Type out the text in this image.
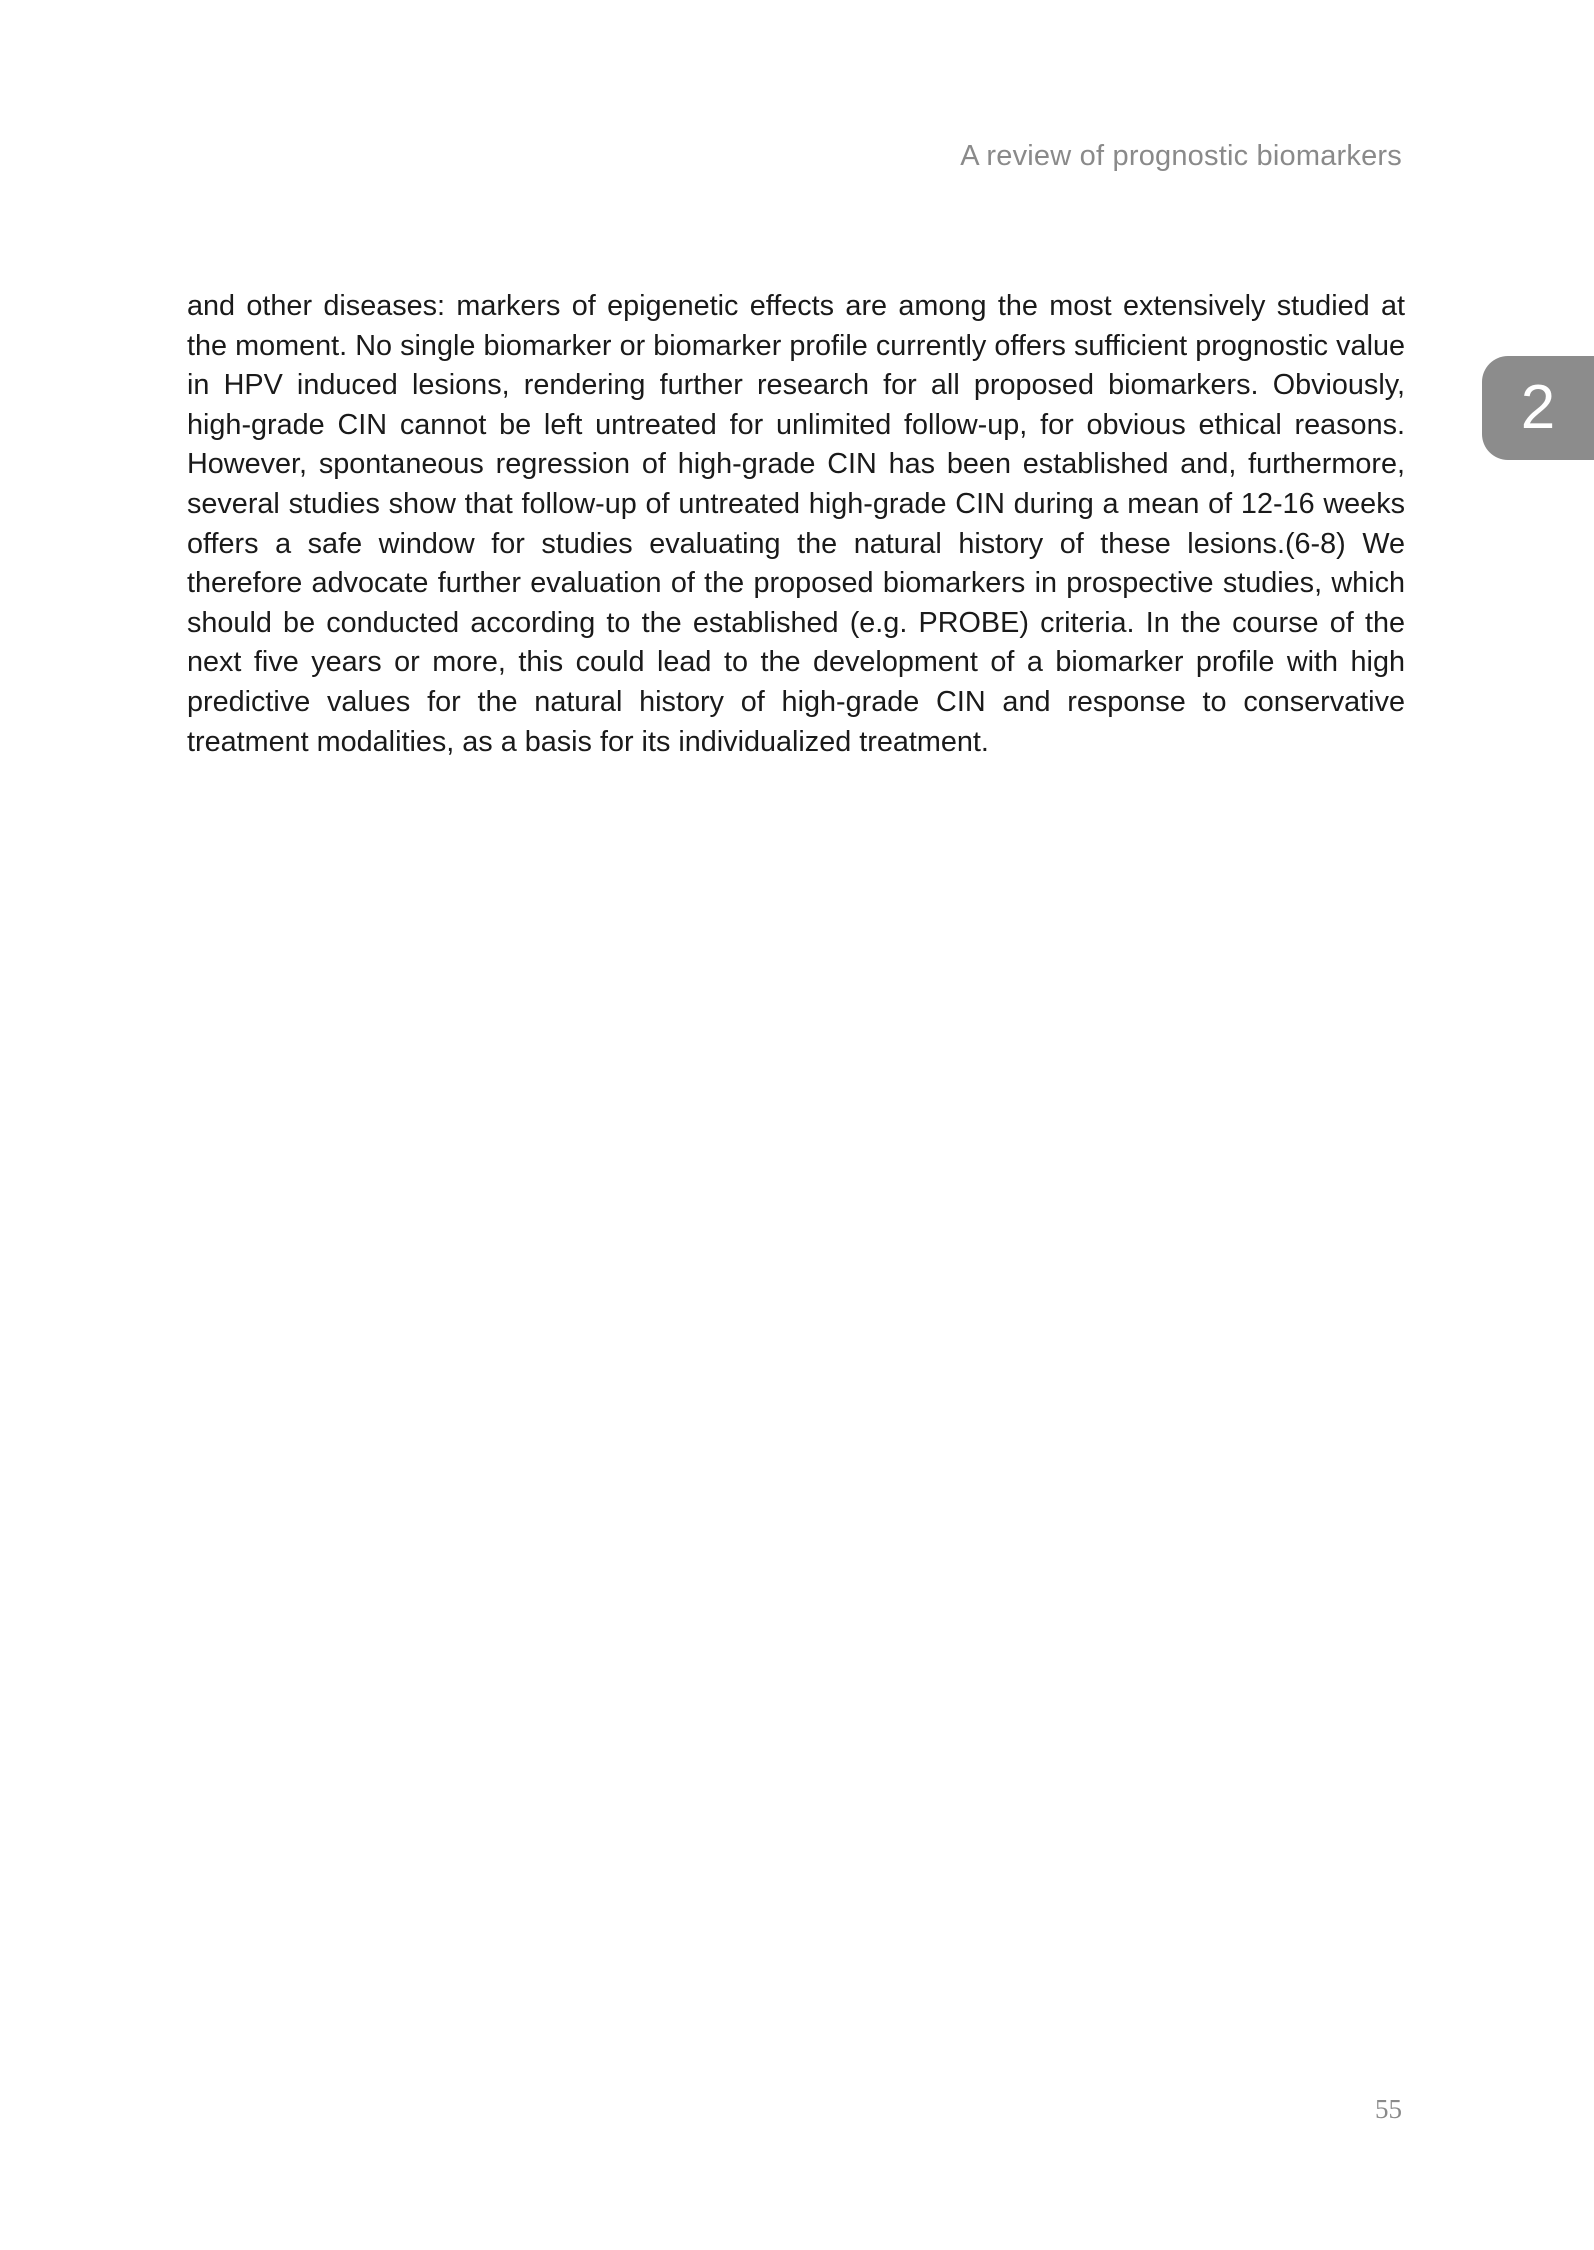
A review of prognostic biomarkers
2

and other diseases: markers of epigenetic effects are among the most extensively studied at the moment. No single biomarker or biomarker profile currently offers sufficient prognostic value in HPV induced lesions, rendering further research for all proposed biomarkers. Obviously, high-grade CIN cannot be left untreated for unlimited follow-up, for obvious ethical reasons. However, spontaneous regression of high-grade CIN has been established and, furthermore, several studies show that follow-up of untreated high-grade CIN during a mean of 12-16 weeks offers a safe window for studies evaluating the natural history of these lesions.(6-8) We therefore advocate further evaluation of the proposed biomarkers in prospective studies, which should be conducted according to the established (e.g. PROBE) criteria. In the course of the next five years or more, this could lead to the development of a biomarker profile with high predictive values for the natural history of high-grade CIN and response to conservative treatment modalities, as a basis for its individualized treatment.

55
